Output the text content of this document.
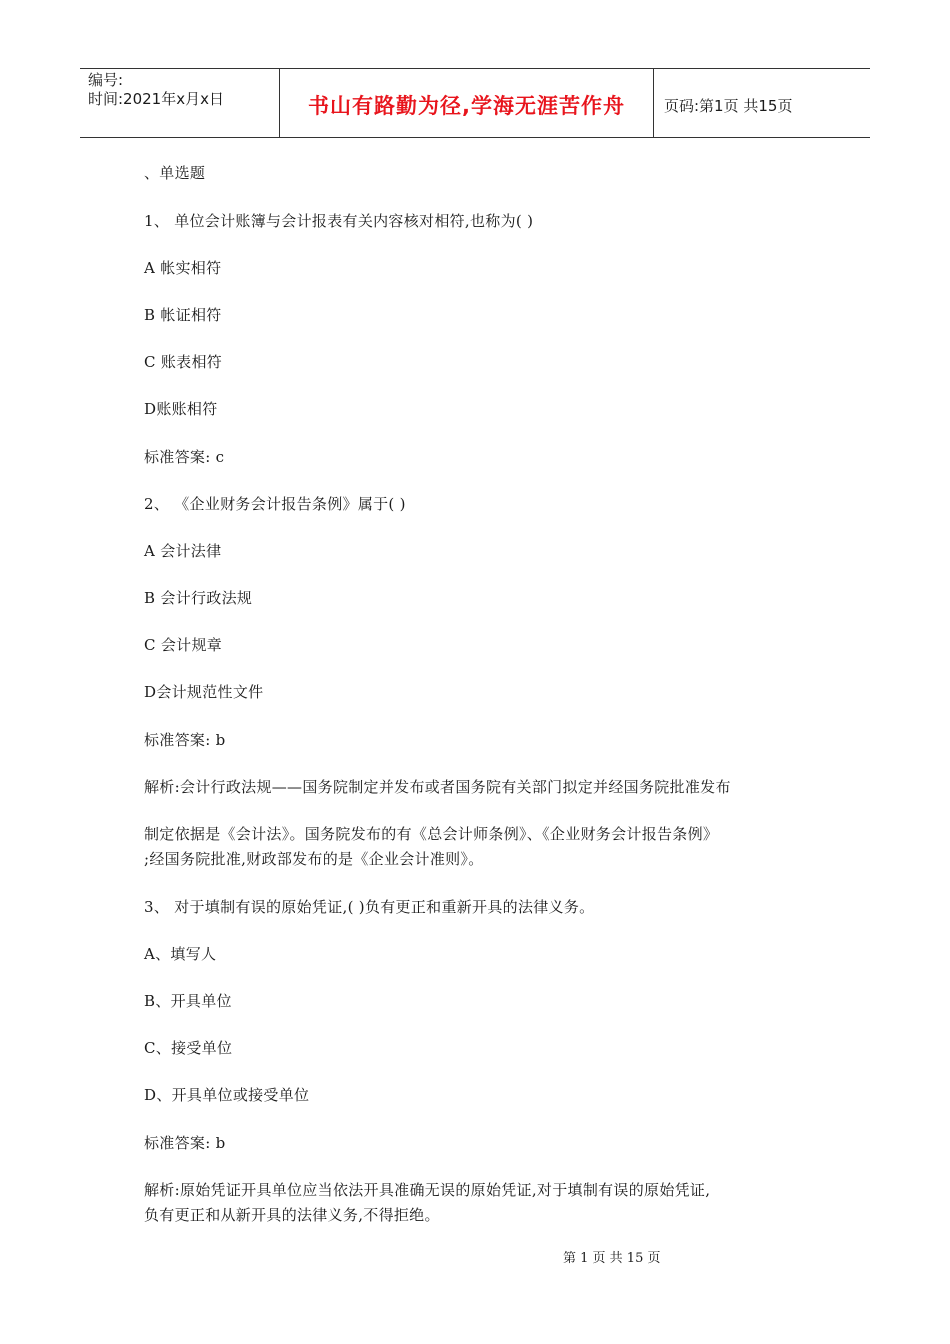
编号:
时间:2021年x月x日	书山有路勤为径,学海无涯苦作舟	页码:第1页 共15页
、单选题
1、 单位会计账簿与会计报表有关内容核对相符,也称为( )
A 帐实相符
B 帐证相符
C 账表相符
D账账相符
标准答案: c
2、 《企业财务会计报告条例》属于( )
A 会计法律
B 会计行政法规
C 会计规章
D会计规范性文件
标准答案: b
解析:会计行政法规——国务院制定并发布或者国务院有关部门拟定并经国务院批准发布
制定依据是《会计法》。国务院发布的有《总会计师条例》、《企业财务会计报告条例》
;经国务院批准,财政部发布的是《企业会计准则》。
3、 对于填制有误的原始凭证,( )负有更正和重新开具的法律义务。
A、填写人
B、开具单位
C、接受单位
D、开具单位或接受单位
标准答案: b
解析:原始凭证开具单位应当依法开具准确无误的原始凭证,对于填制有误的原始凭证,
负有更正和从新开具的法律义务,不得拒绝。
第 1 页 共 15 页
